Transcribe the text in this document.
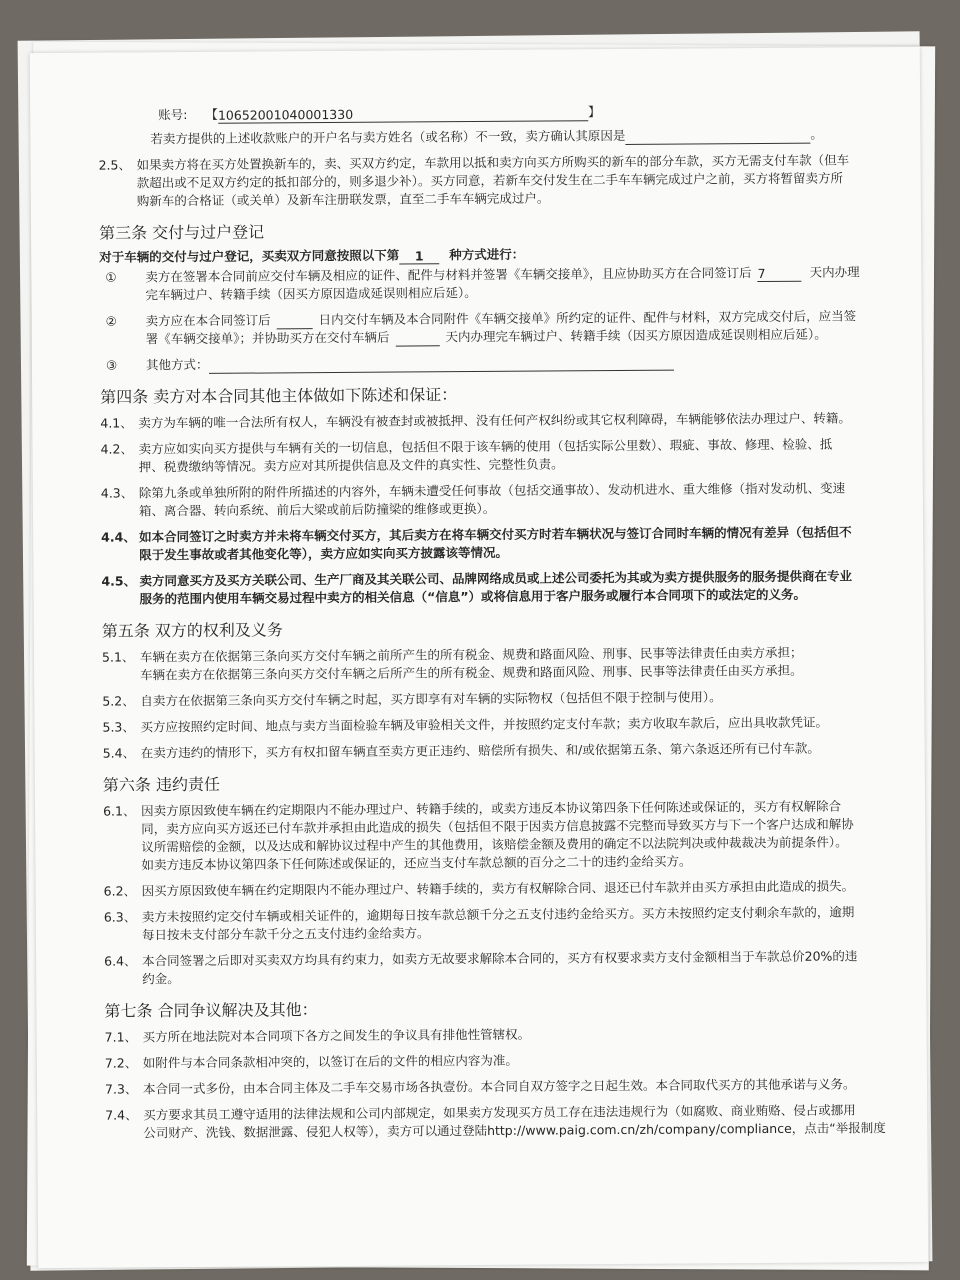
账号: 【10652001040001330	】
若卖方提供的上述收款账户的开户名与卖方姓名（或名称）不一致，卖方确认其原因是	。
2.5、 如果卖方将在买方处置换新车的，卖、买双方约定，车款用以抵和卖方向买方所购买的新车的部分车款，买方无需支付车款（但车
款超出或不足双方约定的抵扣部分的，则多退少补）。买方同意，若新车交付发生在二手车车辆完成过户之前，买方将暂留卖方所
购新车的合格证（或关单）及新车注册联发票，直至二手车车辆完成过户。
第三条 交付与过户登记
对于车辆的交付与过户登记，买卖双方同意按照以下第 1 种方式进行：
①	卖方在签署本合同前应交付车辆及相应的证件、配件与材料并签署《车辆交接单》，且应协助买方在合同签订后 7	天内办理
完车辆过户、转籍手续（因买方原因造成延误则相应后延）。
②	卖方应在本合同签订后	日内交付车辆及本合同附件《车辆交接单》所约定的证件、配件与材料，双方完成交付后，应当签
署《车辆交接单》；并协助买方在交付车辆后	天内办理完车辆过户、转籍手续（因买方原因造成延误则相应后延）。
③	其他方式：
第四条 卖方对本合同其他主体做如下陈述和保证：
4.1、 卖方为车辆的唯一合法所有权人，车辆没有被查封或被抵押、没有任何产权纠纷或其它权利障碍，车辆能够依法办理过户、转籍。
4.2、 卖方应如实向买方提供与车辆有关的一切信息，包括但不限于该车辆的使用（包括实际公里数）、瑕疵、事故、修理、检验、抵
押、税费缴纳等情况。卖方应对其所提供信息及文件的真实性、完整性负责。
4.3、 除第九条或单独所附的附件所描述的内容外，车辆未遭受任何事故（包括交通事故）、发动机进水、重大维修（指对发动机、变速
箱、离合器、转向系统、前后大梁或前后防撞梁的维修或更换）。
4.4、 如本合同签订之时卖方并未将车辆交付买方，其后卖方在将车辆交付买方时若车辆状况与签订合同时车辆的情况有差异（包括但不
限于发生事故或者其他变化等），卖方应如实向买方披露该等情况。
4.5、 卖方同意买方及买方关联公司、生产厂商及其关联公司、品牌网络成员或上述公司委托为其或为卖方提供服务的服务提供商在专业
服务的范围内使用车辆交易过程中卖方的相关信息（“信息”）或将信息用于客户服务或履行本合同项下的或法定的义务。
第五条 双方的权利及义务
5.1、 车辆在卖方在依据第三条向买方交付车辆之前所产生的所有税金、规费和路面风险、刑事、民事等法律责任由卖方承担；
车辆在卖方在依据第三条向买方交付车辆之后所产生的所有税金、规费和路面风险、刑事、民事等法律责任由买方承担。
5.2、 自卖方在依据第三条向买方交付车辆之时起，买方即享有对车辆的实际物权（包括但不限于控制与使用）。
5.3、 买方应按照约定时间、地点与卖方当面检验车辆及审验相关文件，并按照约定支付车款；卖方收取车款后，应出具收款凭证。
5.4、 在卖方违约的情形下，买方有权扣留车辆直至卖方更正违约、赔偿所有损失、和/或依据第五条、第六条返还所有已付车款。
第六条 违约责任
6.1、 因卖方原因致使车辆在约定期限内不能办理过户、转籍手续的，或卖方违反本协议第四条下任何陈述或保证的，买方有权解除合
同，卖方应向买方返还已付车款并承担由此造成的损失（包括但不限于因卖方信息披露不完整而导致买方与下一个客户达成和解协
议所需赔偿的金额，以及达成和解协议过程中产生的其他费用，该赔偿金额及费用的确定不以法院判决或仲裁裁决为前提条件）。
如卖方违反本协议第四条下任何陈述或保证的，还应当支付车款总额的百分之二十的违约金给买方。
6.2、 因买方原因致使车辆在约定期限内不能办理过户、转籍手续的，卖方有权解除合同、退还已付车款并由买方承担由此造成的损失。
6.3、 卖方未按照约定交付车辆或相关证件的，逾期每日按车款总额千分之五支付违约金给买方。买方未按照约定支付剩余车款的，逾期
每日按未支付部分车款千分之五支付违约金给卖方。
6.4、 本合同签署之后即对买卖双方均具有约束力，如卖方无故要求解除本合同的，买方有权要求卖方支付金额相当于车款总价20%的违
约金。
第七条 合同争议解决及其他：
7.1、 买方所在地法院对本合同项下各方之间发生的争议具有排他性管辖权。
7.2、 如附件与本合同条款相冲突的，以签订在后的文件的相应内容为准。
7.3、 本合同一式多份，由本合同主体及二手车交易市场各执壹份。本合同自双方签字之日起生效。本合同取代买方的其他承诺与义务。
7.4、 买方要求其员工遵守适用的法律法规和公司内部规定，如果卖方发现买方员工存在违法违规行为（如腐败、商业贿赂、侵占或挪用
公司财产、洗钱、数据泄露、侵犯人权等），卖方可以通过登陆http://www.paig.com.cn/zh/company/compliance，点击“举报制度
